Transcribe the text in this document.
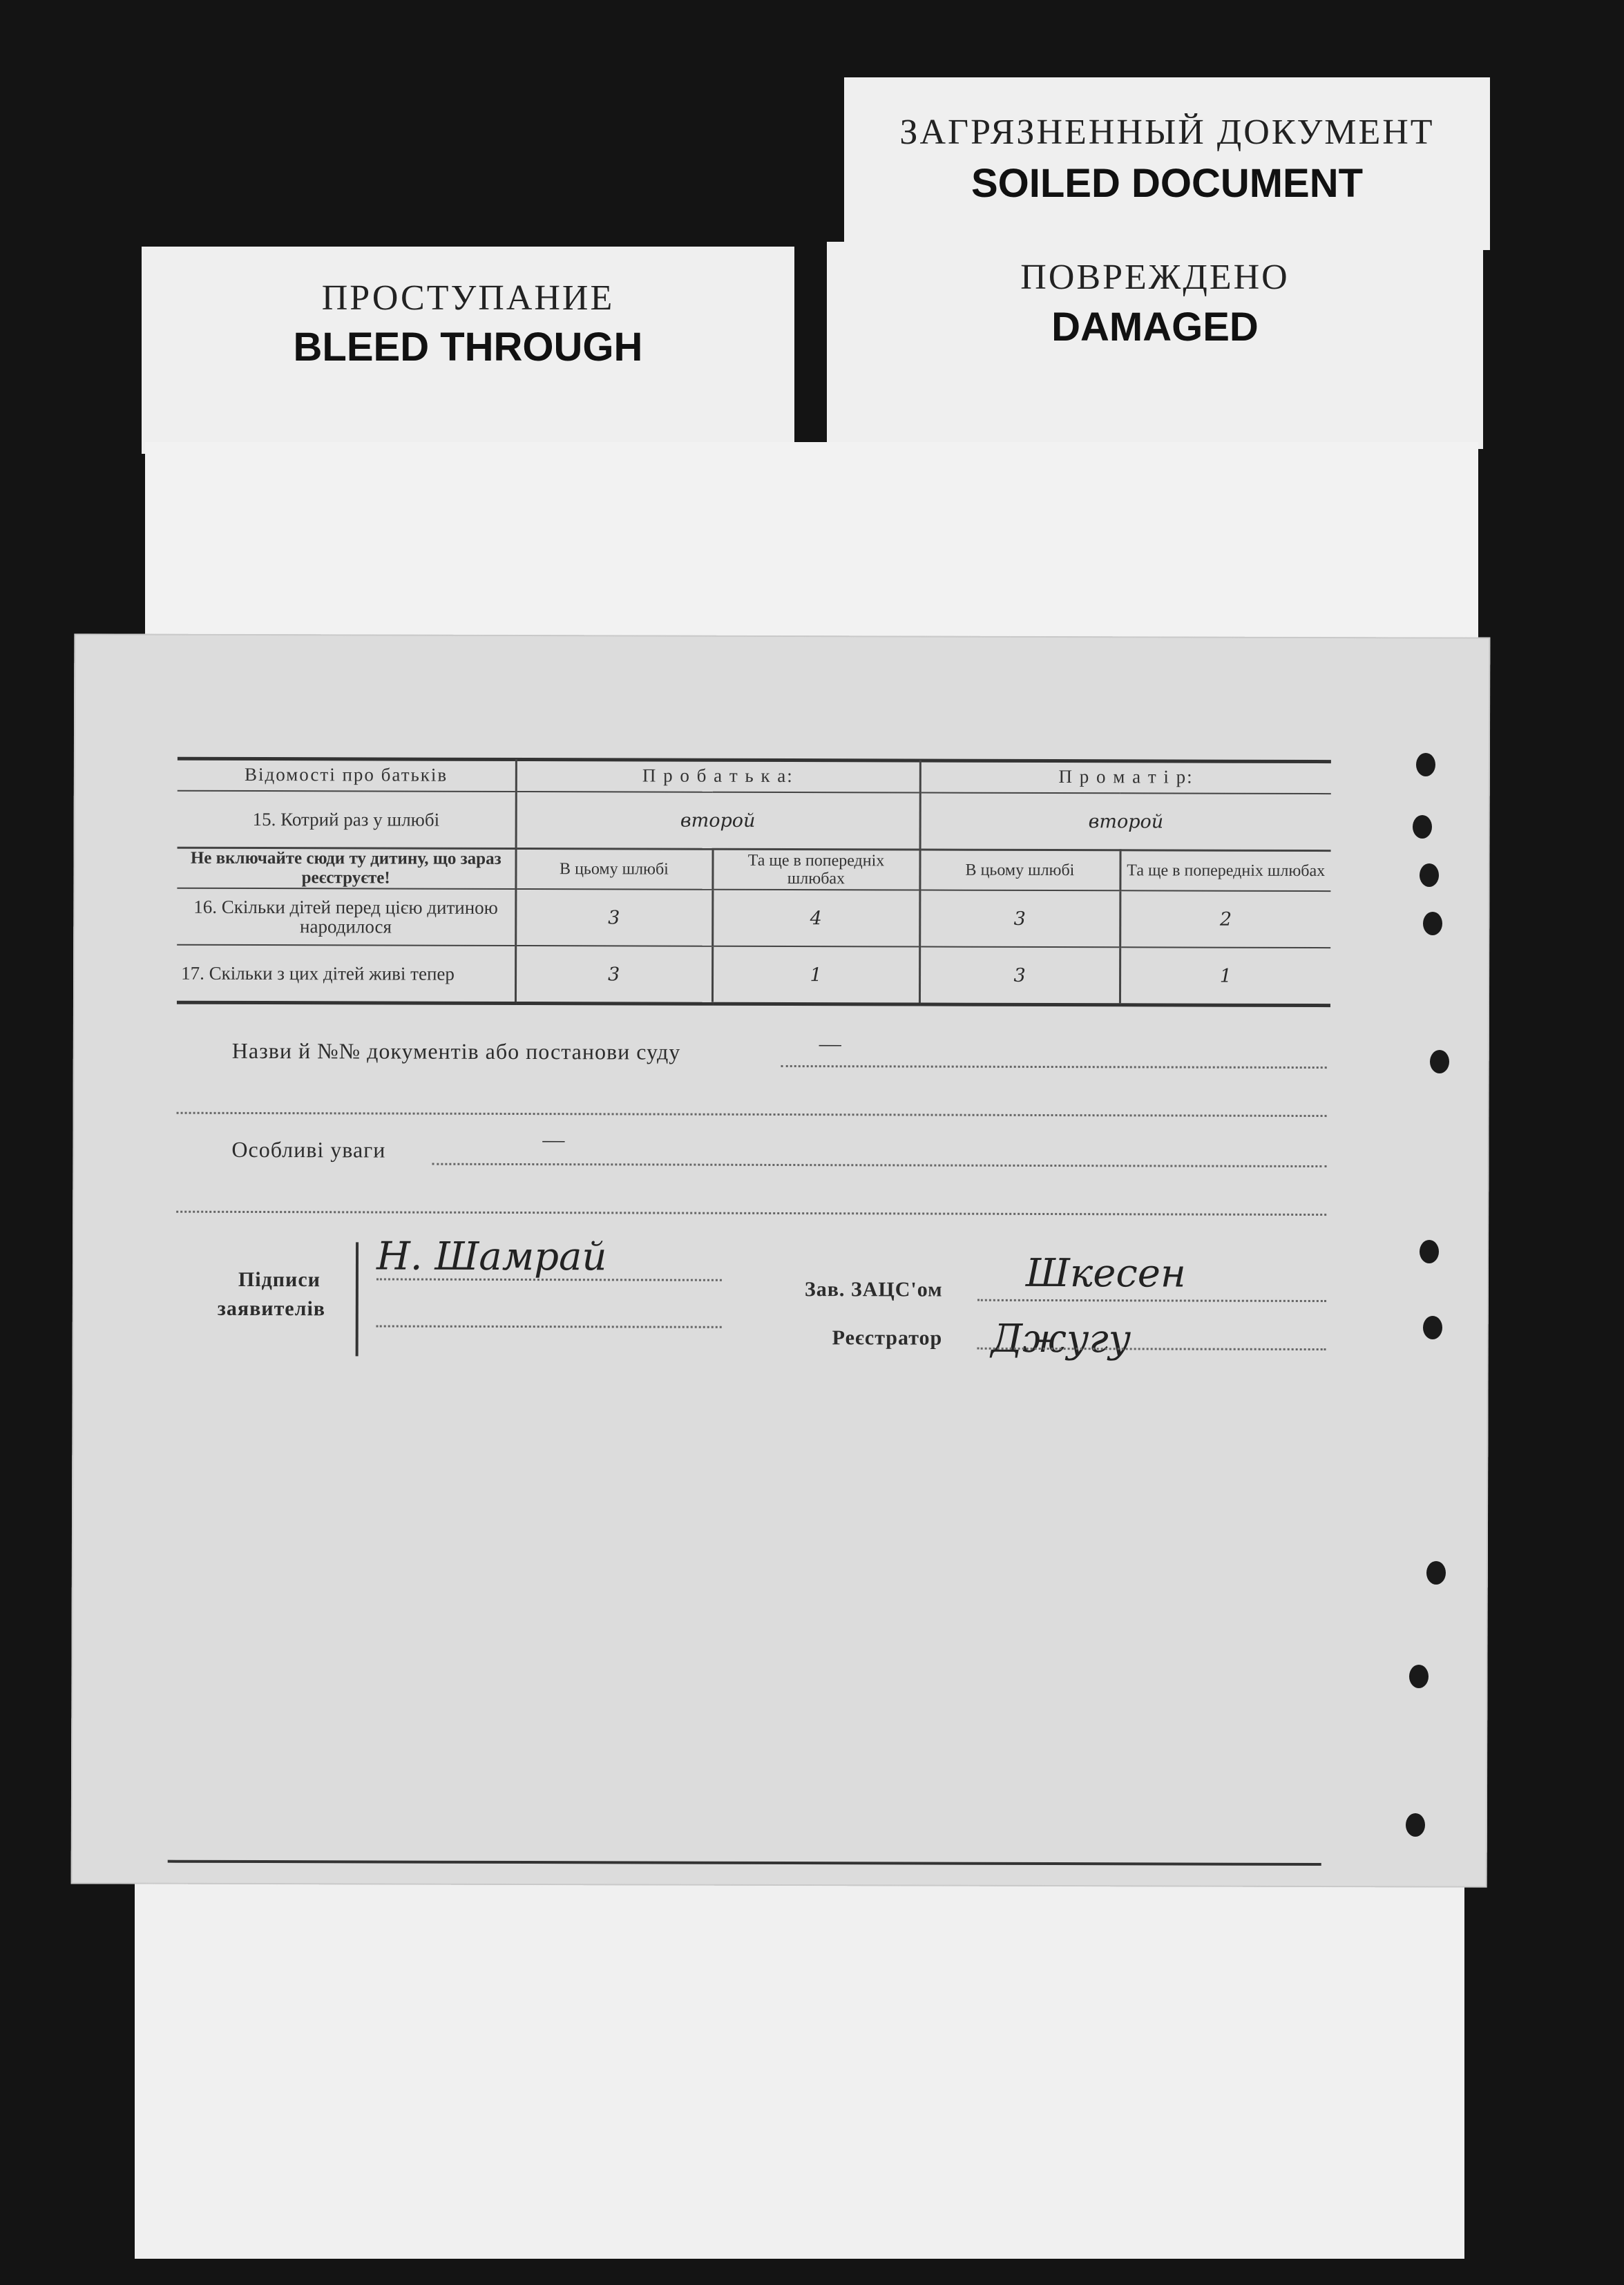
ЗАГРЯЗНЕННЫЙ ДОКУМЕНТ
SOILED DOCUMENT
ПРОСТУПАНИЕ
BLEED THROUGH
ПОВРЕЖДЕНО
DAMAGED
Відомості про батьків	П р о б а т ь к а:		П р о м а т і р:	
15. Котрий раз у шлюбі	второй		второй	
Не включайте сюди ту дитину, що зараз реєструєте!	В цьому шлюбі	Та ще в попередніх шлюбах	В цьому шлюбі	Та ще в попередніх шлюбах
16. Скільки дітей перед цією дитиною народилося	3	4	3	2
17. Скільки з цих дітей живі тепер	3	1	3	1
Назви й №№ документів або постанови суду	—
Особливі уваги	—
Підписи
заявителів
Н. Шамрай
Зав. ЗАЦС'ом Шкесен
Реєстратор Джугу
